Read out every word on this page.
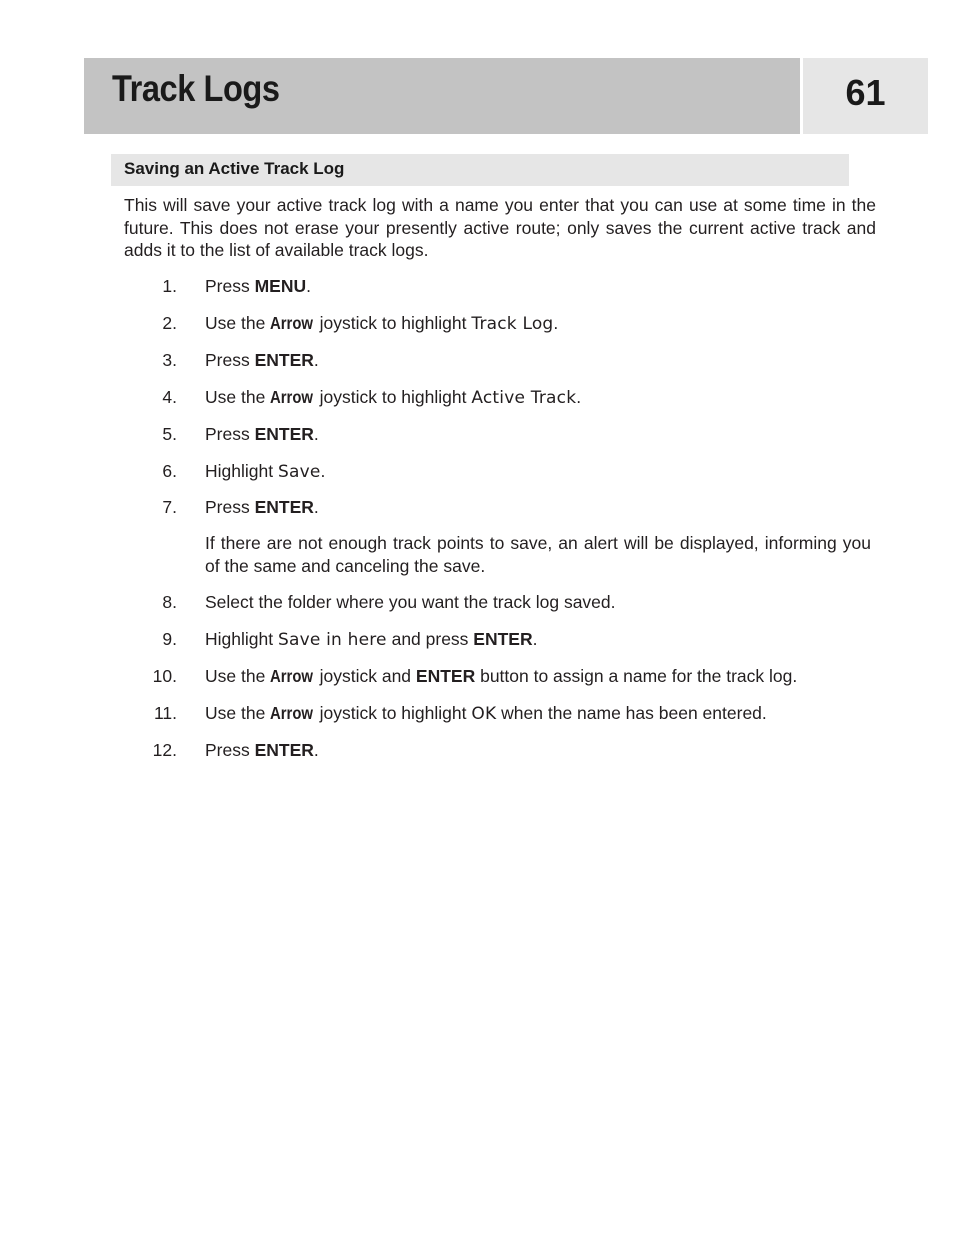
Track Logs	61
Saving an Active Track Log

This will save your active track log with a name you enter that you can use at some time in the future. This does not erase your presently active route; only saves the current active track and adds it to the list of available track logs.

1. Press MENU.
2. Use the Arrow joystick to highlight Track Log.
3. Press ENTER.
4. Use the Arrow joystick to highlight Active Track.
5. Press ENTER.
6. Highlight Save.
7. Press ENTER.

If there are not enough track points to save, an alert will be displayed, informing you of the same and canceling the save.

8. Select the folder where you want the track log saved.
9. Highlight Save in here and press ENTER.
10. Use the Arrow joystick and ENTER button to assign a name for the track log.
11. Use the Arrow joystick to highlight OK when the name has been entered.
12. Press ENTER.
